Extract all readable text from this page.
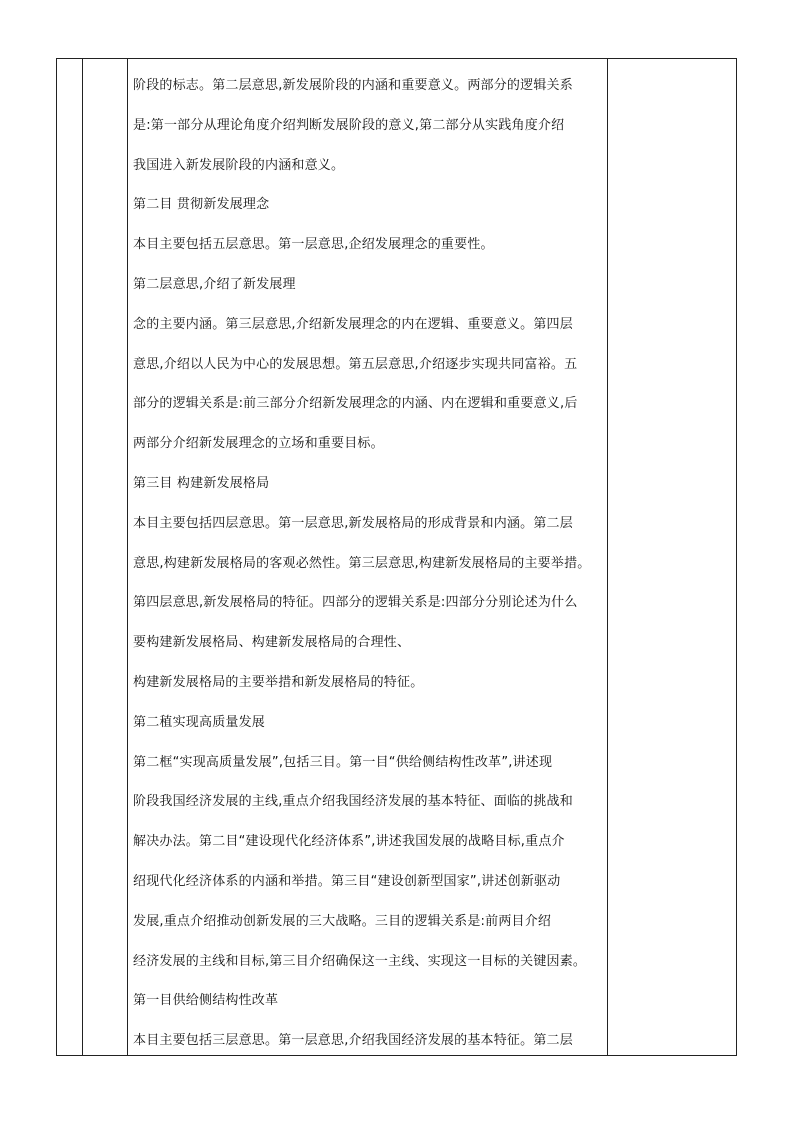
阶段的标志。第二层意思,新发展阶段的内涵和重要意义。两部分的逻辑关系
是:第一部分从理论角度介绍判断发展阶段的意义,第二部分从实践角度介绍
我国进入新发展阶段的内涵和意义。
第二目 贯彻新发展理念
本目主要包括五层意思。第一层意思,企绍发展理念的重要性。
第二层意思,介绍了新发展理
念的主要内涵。第三层意思,介绍新发展理念的内在逻辑、重要意义。第四层
意思,介绍以人民为中心的发展思想。第五层意思,介绍逐步实现共同富裕。五
部分的逻辑关系是:前三部分介绍新发展理念的内涵、内在逻辑和重要意义,后
两部分介绍新发展理念的立场和重要目标。
第三目 构建新发展格局
本目主要包括四层意思。第一层意思,新发展格局的形成背景和内涵。第二层
意思,构建新发展格局的客观必然性。第三层意思,构建新发展格局的主要举措。
第四层意思,新发展格局的特征。四部分的逻辑关系是:四部分分别论述为什么
要构建新发展格局、构建新发展格局的合理性、
构建新发展格局的主要举措和新发展格局的特征。
第二稙实现高质量发展
第二框“实现高质量发展”,包括三目。第一目“供给侧结构性改革”,讲述现
阶段我国经济发展的主线,重点介绍我国经济发展的基本特征、面临的挑战和
解决办法。第二目“建设现代化经济体系”,讲述我国发展的战略目标,重点介
绍现代化经济体系的内涵和举措。第三目“建设创新型国家”,讲述创新驱动
发展,重点介绍推动创新发展的三大战略。三目的逻辑关系是:前两目介绍
经济发展的主线和目标,第三目介绍确保这一主线、实现这一目标的关键因素。
第一目供给侧结构性改革
本目主要包括三层意思。第一层意思,介绍我国经济发展的基本特征。第二层
